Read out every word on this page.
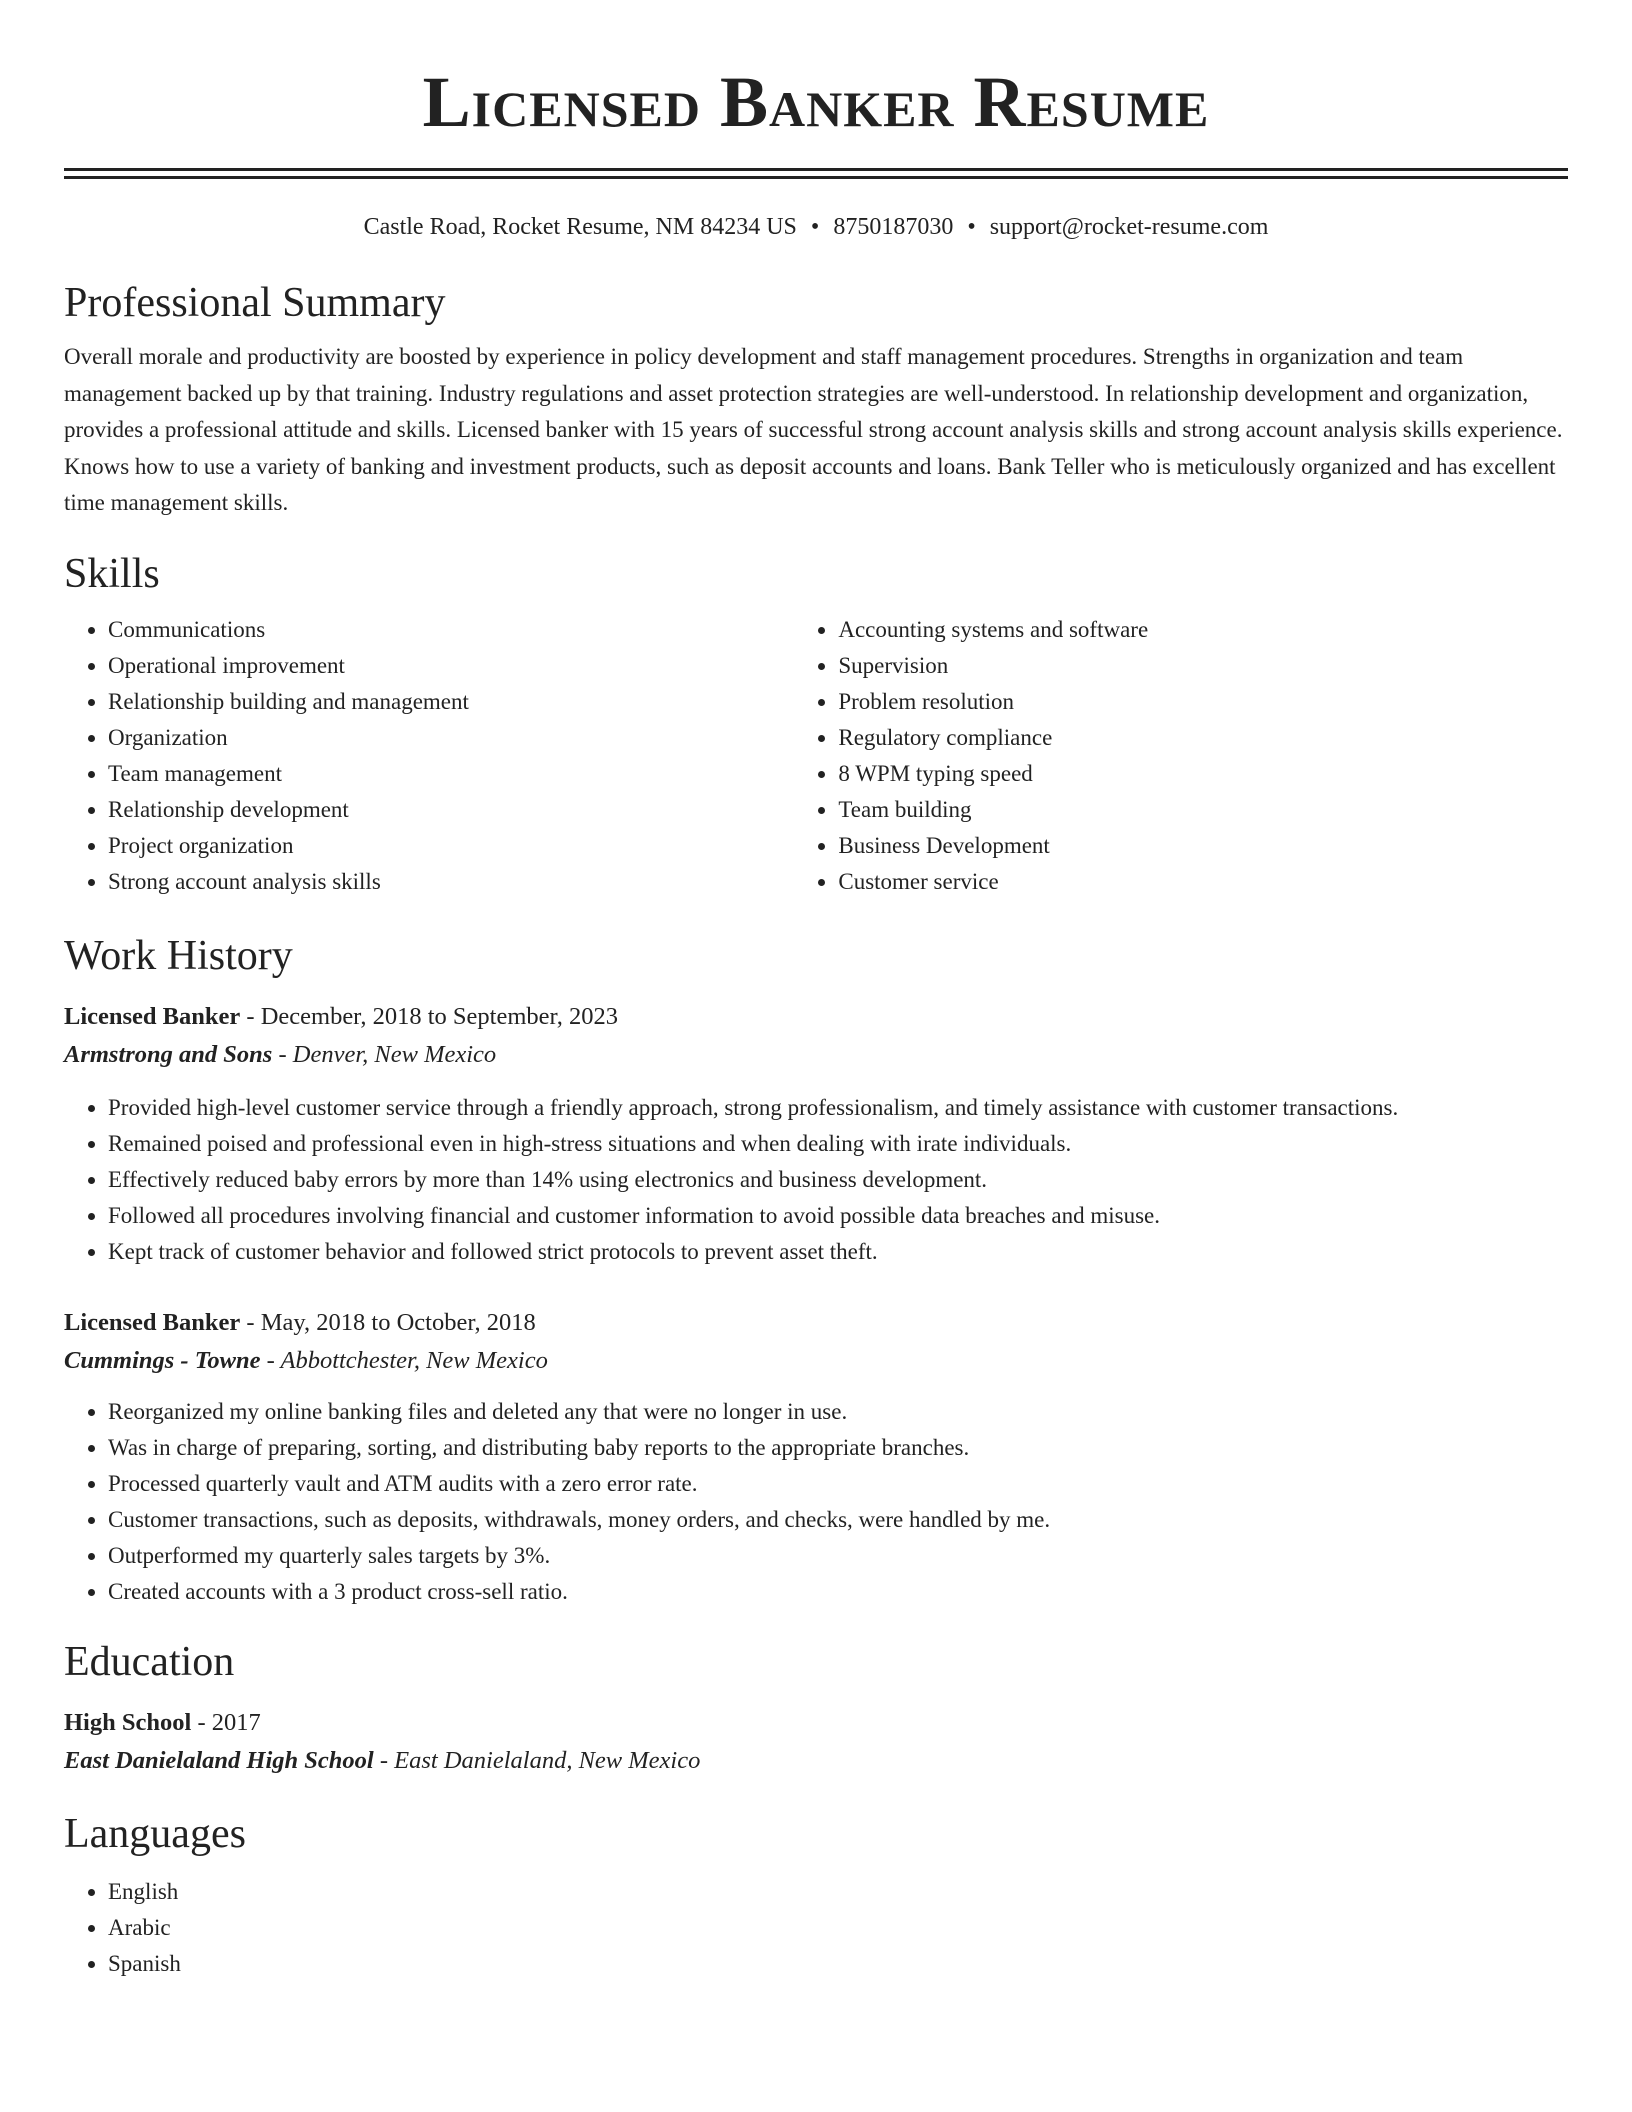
Licensed Banker Resume
Castle Road, Rocket Resume, NM 84234 US • 8750187030 • support@rocket-resume.com
Professional Summary

Overall morale and productivity are boosted by experience in policy development and staff management procedures. Strengths in organization and team management backed up by that training. Industry regulations and asset protection strategies are well-understood. In relationship development and organization, provides a professional attitude and skills. Licensed banker with 15 years of successful strong account analysis skills and strong account analysis skills experience. Knows how to use a variety of banking and investment products, such as deposit accounts and loans. Bank Teller who is meticulously organized and has excellent time management skills.

Skills
• Communications
• Operational improvement
• Relationship building and management
• Organization
• Team management
• Relationship development
• Project organization
• Strong account analysis skills
• Accounting systems and software
• Supervision
• Problem resolution
• Regulatory compliance
• 8 WPM typing speed
• Team building
• Business Development
• Customer service
Work History

Licensed Banker - December, 2018 to September, 2023

Armstrong and Sons - Denver, New Mexico

• Provided high-level customer service through a friendly approach, strong professionalism, and timely assistance with customer transactions.
• Remained poised and professional even in high-stress situations and when dealing with irate individuals.
• Effectively reduced baby errors by more than 14% using electronics and business development.
• Followed all procedures involving financial and customer information to avoid possible data breaches and misuse.
• Kept track of customer behavior and followed strict protocols to prevent asset theft.

Licensed Banker - May, 2018 to October, 2018

Cummings - Towne - Abbottchester, New Mexico

• Reorganized my online banking files and deleted any that were no longer in use.
• Was in charge of preparing, sorting, and distributing baby reports to the appropriate branches.
• Processed quarterly vault and ATM audits with a zero error rate.
• Customer transactions, such as deposits, withdrawals, money orders, and checks, were handled by me.
• Outperformed my quarterly sales targets by 3%.
• Created accounts with a 3 product cross-sell ratio.
Education

High School - 2017

East Danielaland High School - East Danielaland, New Mexico

Languages
• English
• Arabic
• Spanish
